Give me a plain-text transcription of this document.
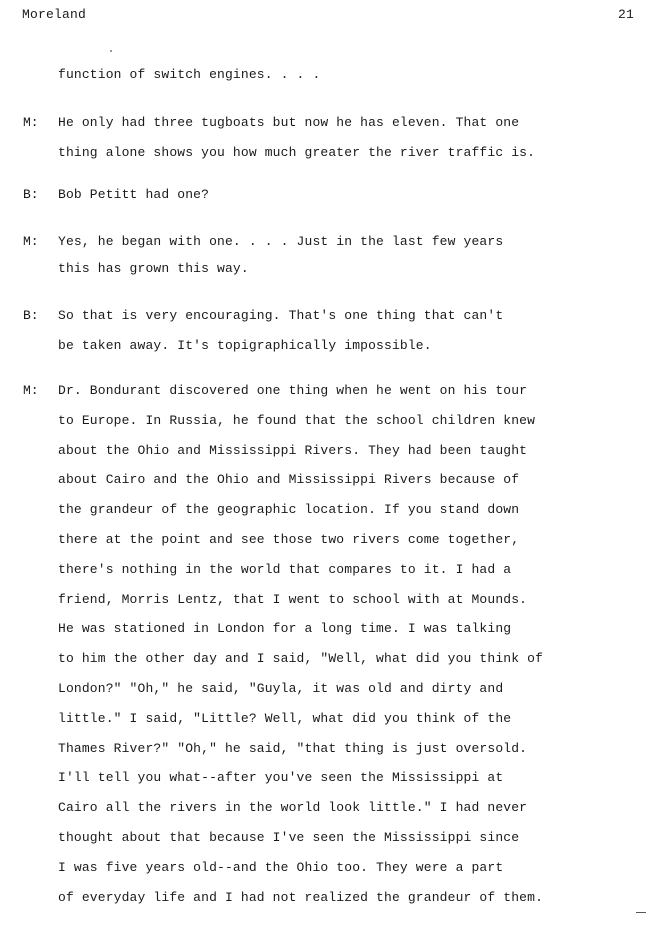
Moreland	21
function of switch engines. . . .
M: He only had three tugboats but now he has eleven. That one
thing alone shows you how much greater the river traffic is.
B: Bob Petitt had one?
M: Yes, he began with one. . . . Just in the last few years
this has grown this way.
B: So that is very encouraging. That's one thing that can't
be taken away. It's topigraphically impossible.
M: Dr. Bondurant discovered one thing when he went on his tour
to Europe. In Russia, he found that the school children knew
about the Ohio and Mississippi Rivers. They had been taught
about Cairo and the Ohio and Mississippi Rivers because of
the grandeur of the geographic location. If you stand down
there at the point and see those two rivers come together,
there's nothing in the world that compares to it. I had a
friend, Morris Lentz, that I went to school with at Mounds.
He was stationed in London for a long time. I was talking
to him the other day and I said, "Well, what did you think of
London?" "Oh," he said, "Guyla, it was old and dirty and
little." I said, "Little? Well, what did you think of the
Thames River?" "Oh," he said, "that thing is just oversold.
I'll tell you what--after you've seen the Mississippi at
Cairo all the rivers in the world look little." I had never
thought about that because I've seen the Mississippi since
I was five years old--and the Ohio too. They were a part
of everyday life and I had not realized the grandeur of them.
